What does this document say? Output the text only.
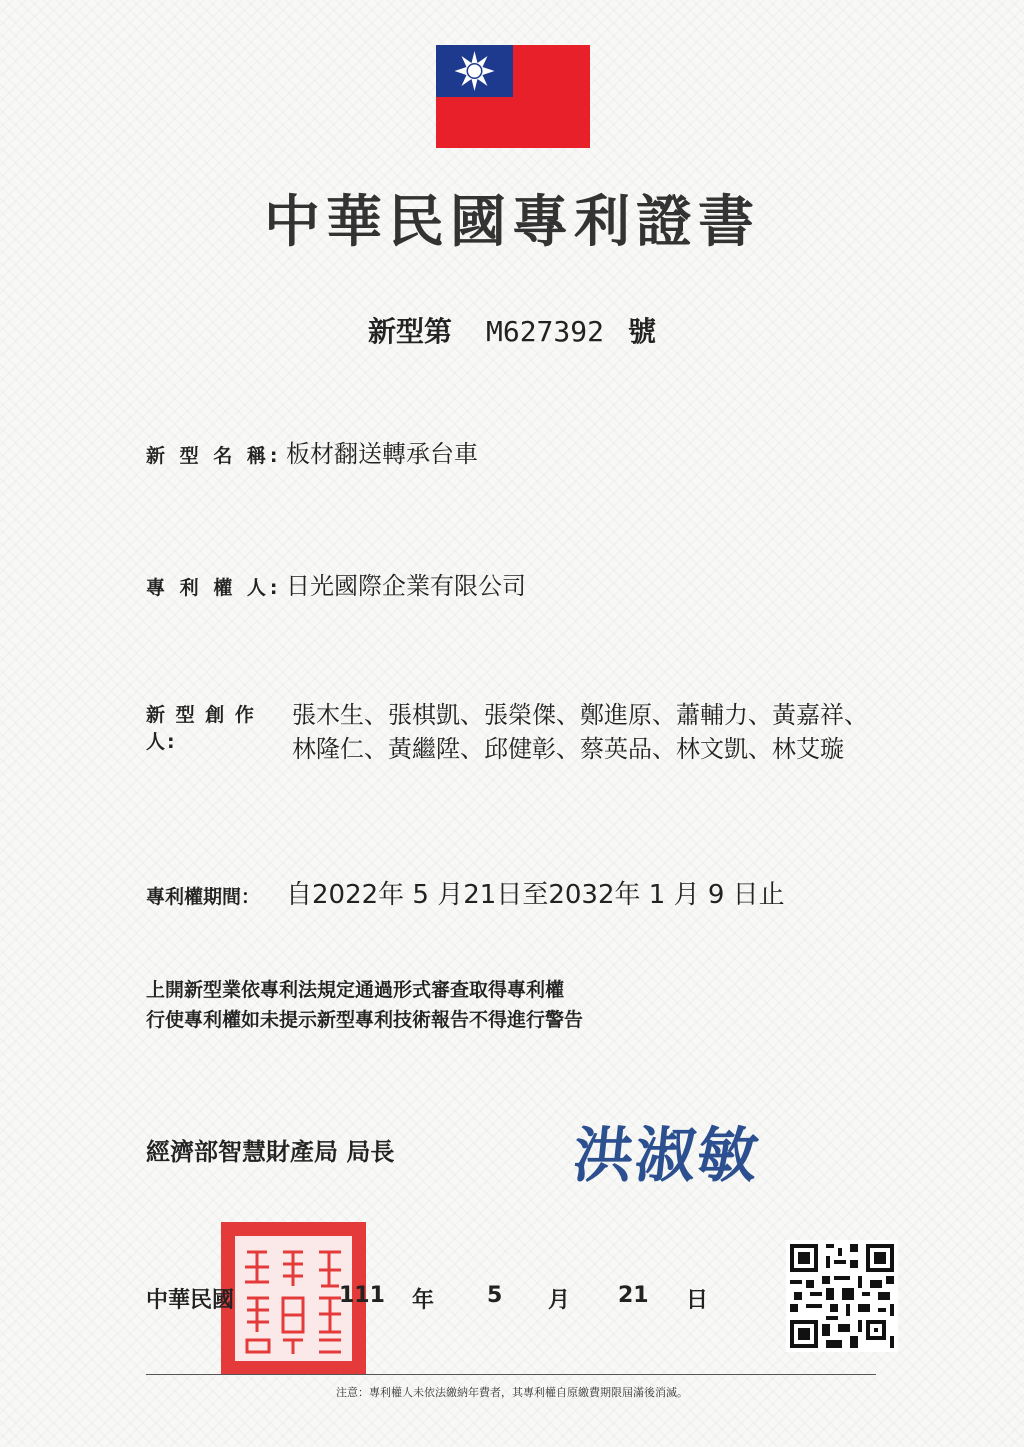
中華民國專利證書
新型第 M627392 號
新 型 名 稱: 板材翻送轉承台車
專 利 權 人: 日光國際企業有限公司
新 型 創 作 人:
張木生、張棋凱、張榮傑、鄭進原、蕭輔力、黃嘉祥、
林隆仁、黃繼陞、邱健彰、蔡英品、林文凱、林艾璇
專利權期間： 自2022年 5 月21日至2032年 1 月 9 日止
上開新型業依專利法規定通過形式審查取得專利權
行使專利權如未提示新型專利技術報告不得進行警告
經濟部智慧財產局 局長	洪淑敏
中華民國	111 年 5 月 21 日
注意：專利權人未依法繳納年費者，其專利權自原繳費期限屆滿後消滅。
